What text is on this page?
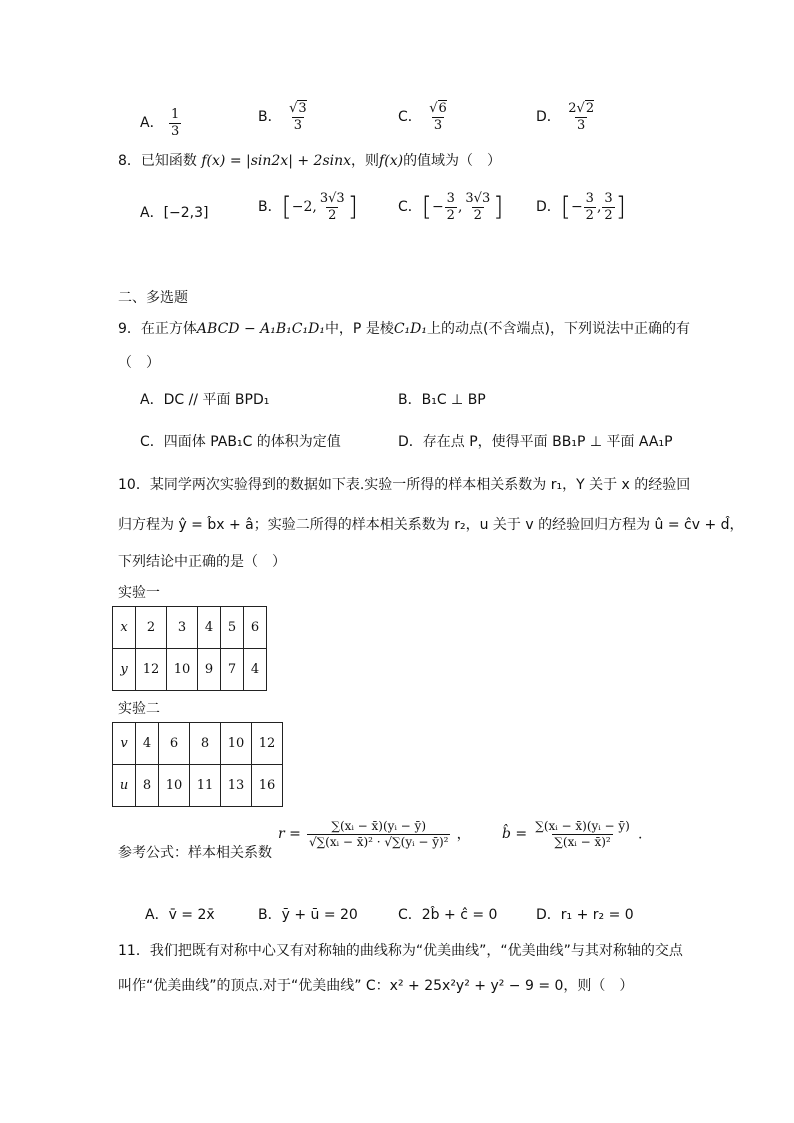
A． $\frac{1}{3}$	B． $\frac{√3}{3}$	C． $\frac{√6}{3}$	D． $\frac{2√2}{3}$
8．已知函数 f(x) = |sin2x| + 2sinx，则f(x)的值域为（　）
A．[−2,3]	B．[−2, $\frac{3√3}{2}$ ]	C．[− $\frac{3}{2}$ , $\frac{3√3}{2}$ ] D．[− $\frac{3}{2}$ , $\frac{3}{2}$ ]
二、多选题
9．在正方体ABCD − A₁B₁C₁D₁中，P 是棱C₁D₁上的动点(不含端点)，下列说法中正确的有
（　）
A．DC // 平面 BPD₁	B．B₁C ⊥ BP
C．四面体 PAB₁C 的体积为定值	D．存在点 P，使得平面 BB₁P ⊥ 平面 AA₁P
10．某同学两次实验得到的数据如下表.实验一所得的样本相关系数为 r₁，Y 关于 x 的经验回
归方程为 ŷ = b̂x + â；实验二所得的样本相关系数为 r₂，u 关于 v 的经验回归方程为 û = ĉv + d̂，
下列结论中正确的是（　）
实验一
x	2	3	4	5	6
y	12	10	9	7	4
实验二
v	4	6	8	10	12
u	8	10	11	13	16
参考公式：样本相关系数
$r = \frac{\text{∑(xᵢ − x̄)(yᵢ − ȳ)}}{\text{√∑(xᵢ − x̄)² · √∑(yᵢ − ȳ)²}}$ ， b̂ = $\frac{\text{∑(xᵢ − x̄)(yᵢ − ȳ)}}{\text{∑(xᵢ − x̄)²}}$ .
A．v̄ = 2x̄	B．ȳ + ū = 20	C．2b̂ + ĉ = 0	D．r₁ + r₂ = 0
11．我们把既有对称中心又有对称轴的曲线称为“优美曲线”，“优美曲线”与其对称轴的交点
叫作“优美曲线”的顶点.对于“优美曲线” C：x² + 25x²y² + y² − 9 = 0，则（　）
